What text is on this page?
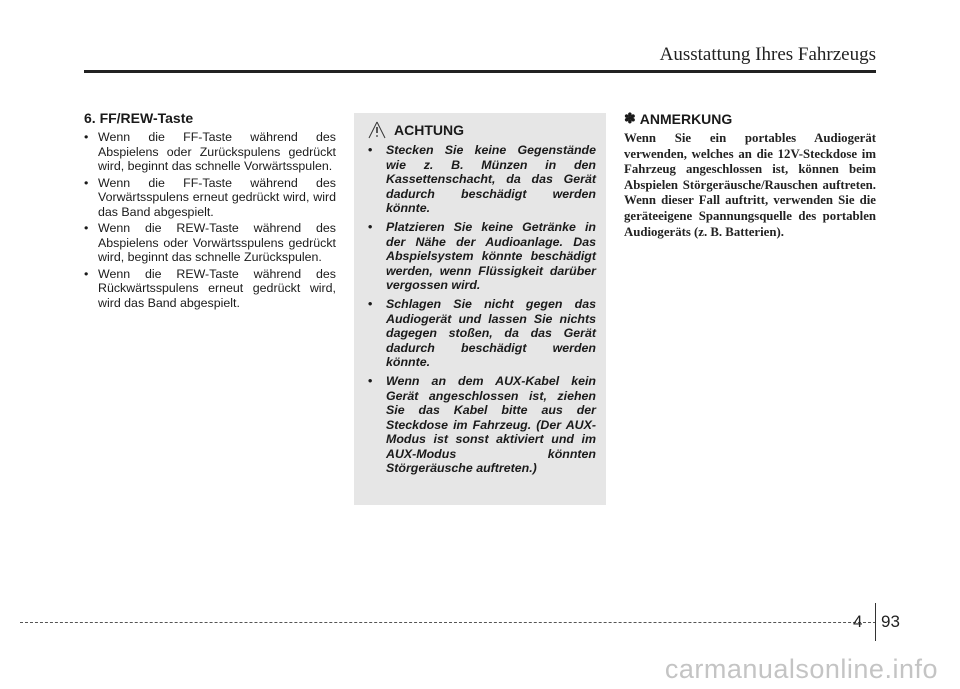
Ausstattung Ihres Fahrzeugs
6. FF/REW-Taste
• Wenn die FF-Taste während des Abspielens oder Zurückspulens gedrückt wird, beginnt das schnelle Vorwärtsspulen.
• Wenn die FF-Taste während des Vorwärtsspulens erneut gedrückt wird, wird das Band abgespielt.
• Wenn die REW-Taste während des Abspielens oder Vorwärtsspulens gedrückt wird, beginnt das schnelle Zurückspulen.
• Wenn die REW-Taste während des Rückwärtsspulens erneut gedrückt wird, wird das Band abgespielt.
ACHTUNG
• Stecken Sie keine Gegenstände wie z. B. Münzen in den Kassettenschacht, da das Gerät dadurch beschädigt werden könnte.
• Platzieren Sie keine Getränke in der Nähe der Audioanlage. Das Abspielsystem könnte beschädigt werden, wenn Flüssigkeit darüber vergossen wird.
• Schlagen Sie nicht gegen das Audiogerät und lassen Sie nichts dagegen stoßen, da das Gerät dadurch beschädigt werden könnte.
• Wenn an dem AUX-Kabel kein Gerät angeschlossen ist, ziehen Sie das Kabel bitte aus der Steckdose im Fahrzeug. (Der AUX-Modus ist sonst aktiviert und im AUX-Modus könnten Störgeräusche auftreten.)
✽ ANMERKUNG
Wenn Sie ein portables Audiogerät verwenden, welches an die 12V-Steckdose im Fahrzeug angeschlossen ist, können beim Abspielen Störgeräusche/Rauschen auftreten. Wenn dieser Fall auftritt, verwenden Sie die geräteeigene Spannungsquelle des portablen Audiogeräts (z. B. Batterien).
4 93
carmanualsonline.info
